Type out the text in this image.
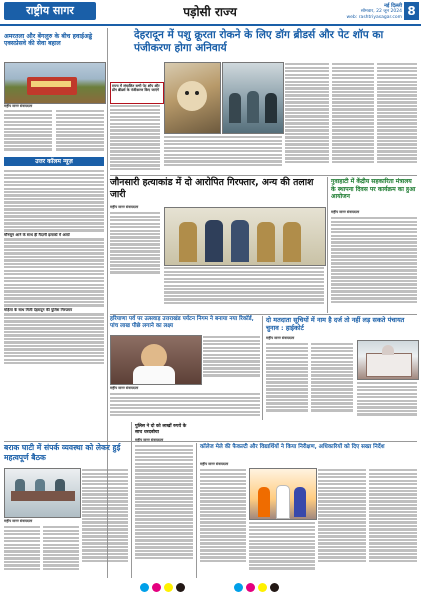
राष्ट्रीय सागर	पड़ोसी राज्य	नई दिल्ली
सोमवार, 22 जून 2024
web: rashtriyasagar.com 8
अमरतला और बेंगलुरु के बीच हवाईअड्डे एक्सप्रेसवे की सेवा बहाल
राष्ट्रीय सागर संवाददाता
उत्तर कॉलम न्यूज़
मॉनसून आने के साथ ही मैदानी इलाकों में अलर्ट
महिला के साथ मिली देहरादून की पुलिस गिरफ्तार
देहरादून में पशु क्रूरता रोकने के लिए डॉग ब्रीडर्स और पेट शॉप का पंजीकरण होगा अनिवार्य
राज्य में संचालित सभी पेट शॉप और डॉग ब्रीडर्स के पंजीकरण किए जाएंगे
जौनसारी हत्याकांड में दो आरोपित गिरफ्तार, अन्य की तलाश जारी
राष्ट्रीय सागर संवाददाता
गुवाहाटी में केंद्रीय सहकारिता मंत्रालय के स्थापना दिवस पर कार्यक्रम का हुआ आयोजन
राष्ट्रीय सागर संवाददाता
हरियाणा पर्व पर उत्सवाड़ उत्तराखंड पर्यटन निगम ने बनाया नया रिकॉर्ड, पांच लाख पीछे लगाने का लक्ष्य
राष्ट्रीय सागर संवाददाता
दो मतदाता सूचियों में नाम है दर्ज तो नहीं लड़ सकते पंचायत चुनाव : हाईकोर्ट
राष्ट्रीय सागर संवाददाता
बराक घाटी में संपर्क व्यवस्था को लेकर हुई महत्वपूर्ण बैठक
राष्ट्रीय सागर संवाददाता
पुलिस ने दो को लाखों रुपये के साथ धरदबोचा
राष्ट्रीय सागर संवाददाता
कॉलेज मेले की फैकल्टी और विद्यार्थियों ने किया निरीक्षण, अधिकारियों को दिए सख्त निर्देश
राष्ट्रीय सागर संवाददाता
